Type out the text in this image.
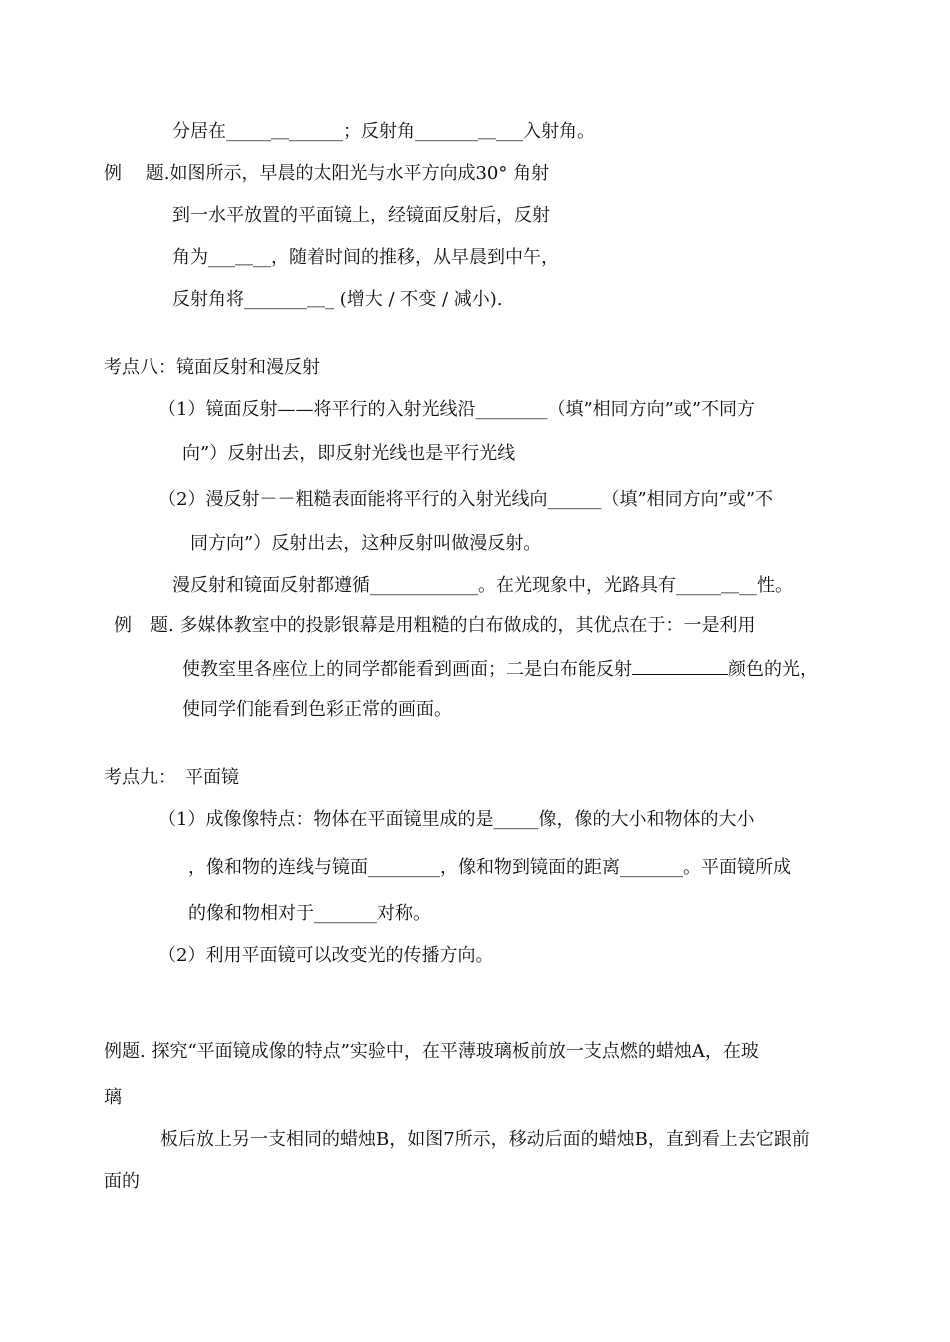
分居在_____＿______；反射角_______＿___入射角。
例　 题.如图所示，早晨的太阳光与水平方向成30° 角射
到一水平放置的平面镜上，经镜面反射后，反射
角为___＿__，随着时间的推移，从早晨到中午，
反射角将_______＿_ (增大 / 不变 / 减小).
考点八：镜面反射和漫反射
（1）镜面反射——将平行的入射光线沿________（填”相同方向”或”不同方
向”）反射出去，即反射光线也是平行光线
（2）漫反射－－粗糙表面能将平行的入射光线向______（填”相同方向”或”不
同方向”）反射出去，这种反射叫做漫反射。
漫反射和镜面反射都遵循____________。在光现象中，光路具有_____＿__性。
例　题. 多媒体教室中的投影银幕是用粗糙的白布做成的，其优点在于：一是利用
使教室里各座位上的同学都能看到画面；二是白布能反射	颜色的光，
使同学们能看到色彩正常的画面。
考点九：　平面镜
（1）成像像特点：物体在平面镜里成的是_____像，像的大小和物体的大小
，像和物的连线与镜面________，像和物到镜面的距离_______。平面镜所成
的像和物相对于_______对称。
（2）利用平面镜可以改变光的传播方向。
例题. 探究“平面镜成像的特点”实验中，在平薄玻璃板前放一支点燃的蜡烛A，在玻
璃
板后放上另一支相同的蜡烛B，如图7所示，移动后面的蜡烛B，直到看上去它跟前
面的
